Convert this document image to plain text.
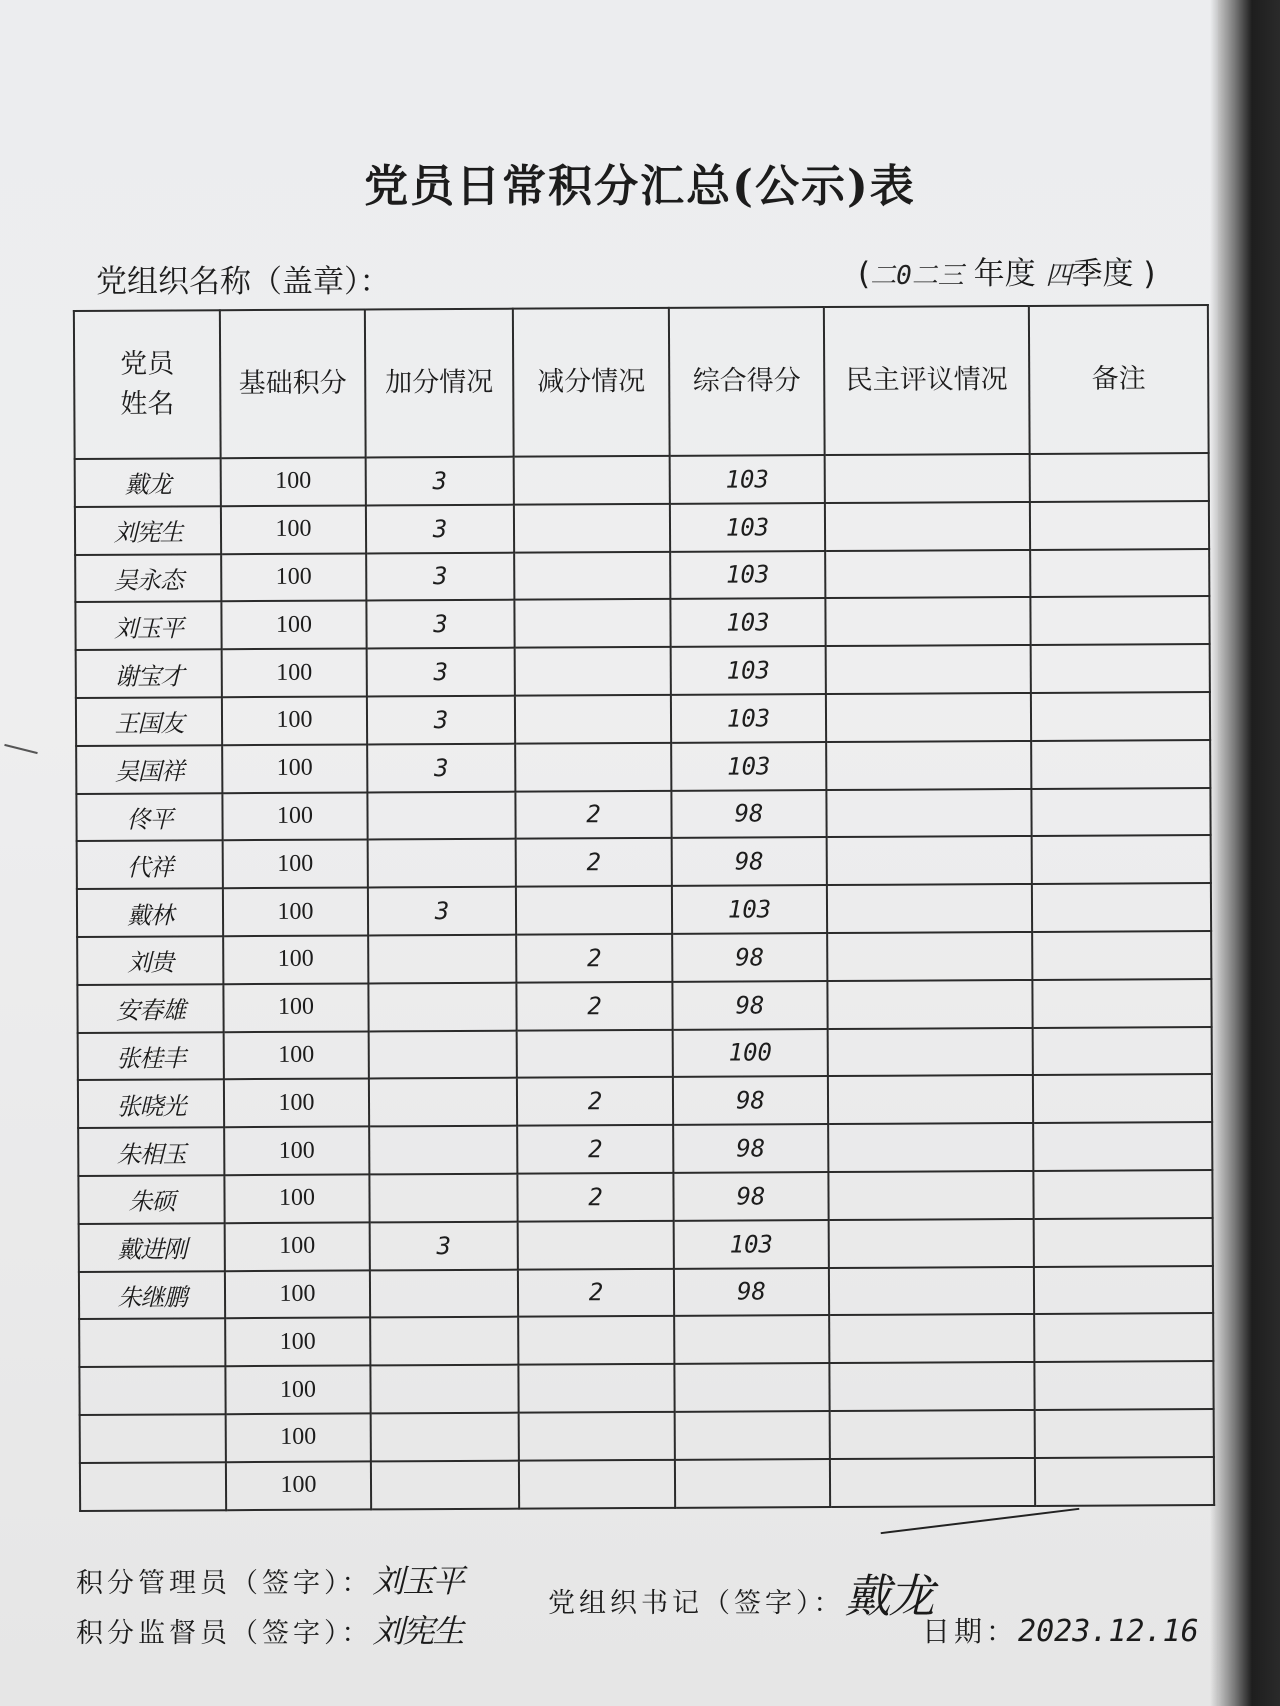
党员日常积分汇总(公示)表
党组织名称（盖章）：	(二0二三 年度 四季度 )
党员
姓名	基础积分	加分情况	减分情况	综合得分	民主评议情况	备注
戴龙	100	3		103		
刘宪生	100	3		103		
吴永态	100	3		103		
刘玉平	100	3		103		
谢宝才	100	3		103		
王国友	100	3		103		
吴国祥	100	3		103		
佟平	100		2	98		
代祥	100		2	98		
戴林	100	3		103		
刘贵	100		2	98		
安春雄	100		2	98		
张桂丰	100			100		
张晓光	100		2	98		
朱相玉	100		2	98		
朱硕	100		2	98		
戴进刚	100	3		103		
朱继鹏	100		2	98		
	100					
	100					
	100					
	100					
积分管理员（签字）：刘玉平
党组织书记（签字）：戴龙
积分监督员（签字）：刘宪生	日期：2023.12.16
